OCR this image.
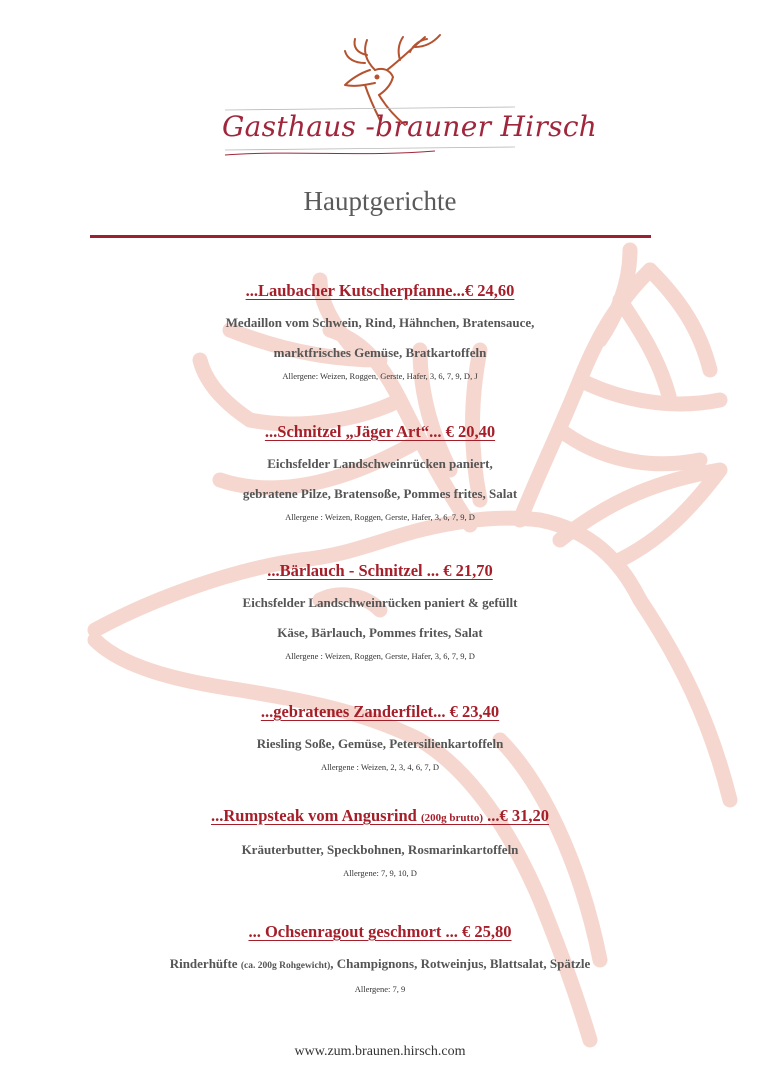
Gasthaus -brauner Hirsch
Hauptgerichte

...Laubacher Kutscherpfanne...€ 24,60

Medaillon vom Schwein, Rind, Hähnchen, Bratensauce,

marktfrisches Gemüse, Bratkartoffeln

Allergene: Weizen, Roggen, Gerste, Hafer, 3, 6, 7, 9, D, J

...Schnitzel „Jäger Art“... € 20,40

Eichsfelder Landschweinrücken paniert,

gebratene Pilze, Bratensoße, Pommes frites, Salat

Allergene : Weizen, Roggen, Gerste, Hafer, 3, 6, 7, 9, D

...Bärlauch - Schnitzel ... € 21,70

Eichsfelder Landschweinrücken paniert & gefüllt

Käse, Bärlauch, Pommes frites, Salat

Allergene : Weizen, Roggen, Gerste, Hafer, 3, 6, 7, 9, D

...gebratenes Zanderfilet... € 23,40

Riesling Soße, Gemüse, Petersilienkartoffeln

Allergene : Weizen, 2, 3, 4, 6, 7, D

...Rumpsteak vom Angusrind (200g brutto) ...€ 31,20

Kräuterbutter, Speckbohnen, Rosmarinkartoffeln

Allergene: 7, 9, 10, D

... Ochsenragout geschmort ... € 25,80

Rinderhüfte (ca. 200g Rohgewicht), Champignons, Rotweinjus, Blattsalat, Spätzle

Allergene: 7, 9

www.zum.braunen.hirsch.com
